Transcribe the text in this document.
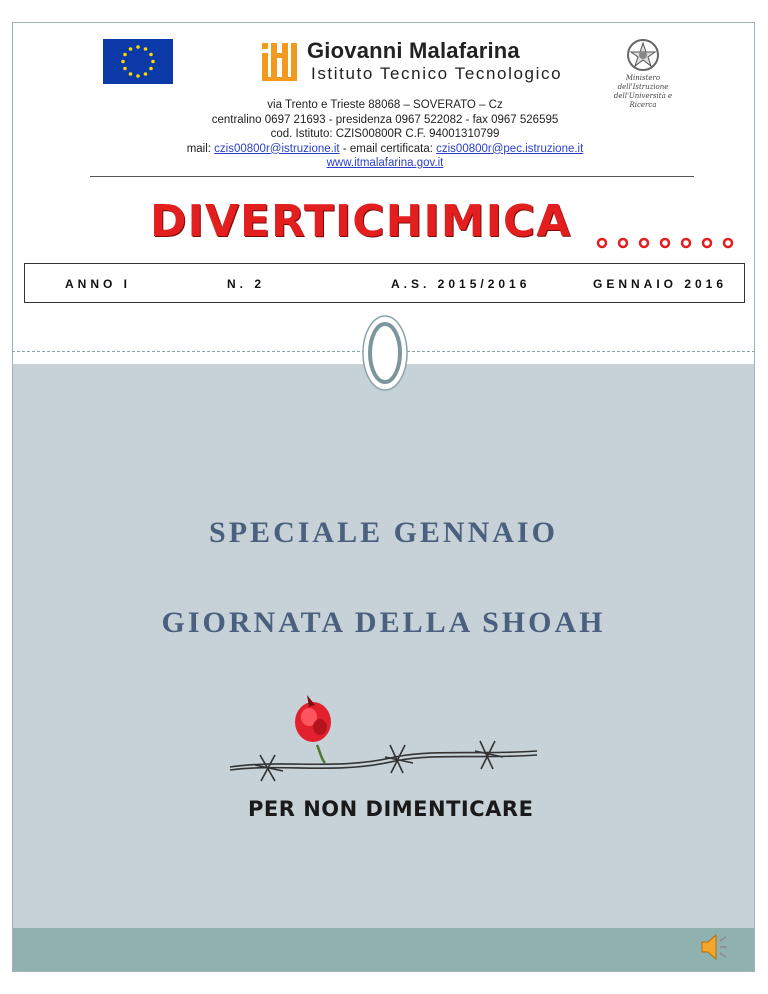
Giovanni Malafarina
Istituto Tecnico Tecnologico	Ministero dell'Istruzione
dell'Università e Ricerca
via Trento e Trieste 88068 – SOVERATO – Cz
centralino 0697 21693 - presidenza 0967 522082 - fax 0967 526595
cod. Istituto: CZIS00800R C.F. 94001310799
mail: czis00800r@istruzione.it - email certificata: czis00800r@pec.istruzione.it
www.itmalafarina.gov.it
DIVERTICHIMICA
ANNO I	N. 2	A.S. 2015/2016	GENNAIO 2016
SPECIALE GENNAIO
GIORNATA DELLA SHOAH
PER NON DIMENTICARE
